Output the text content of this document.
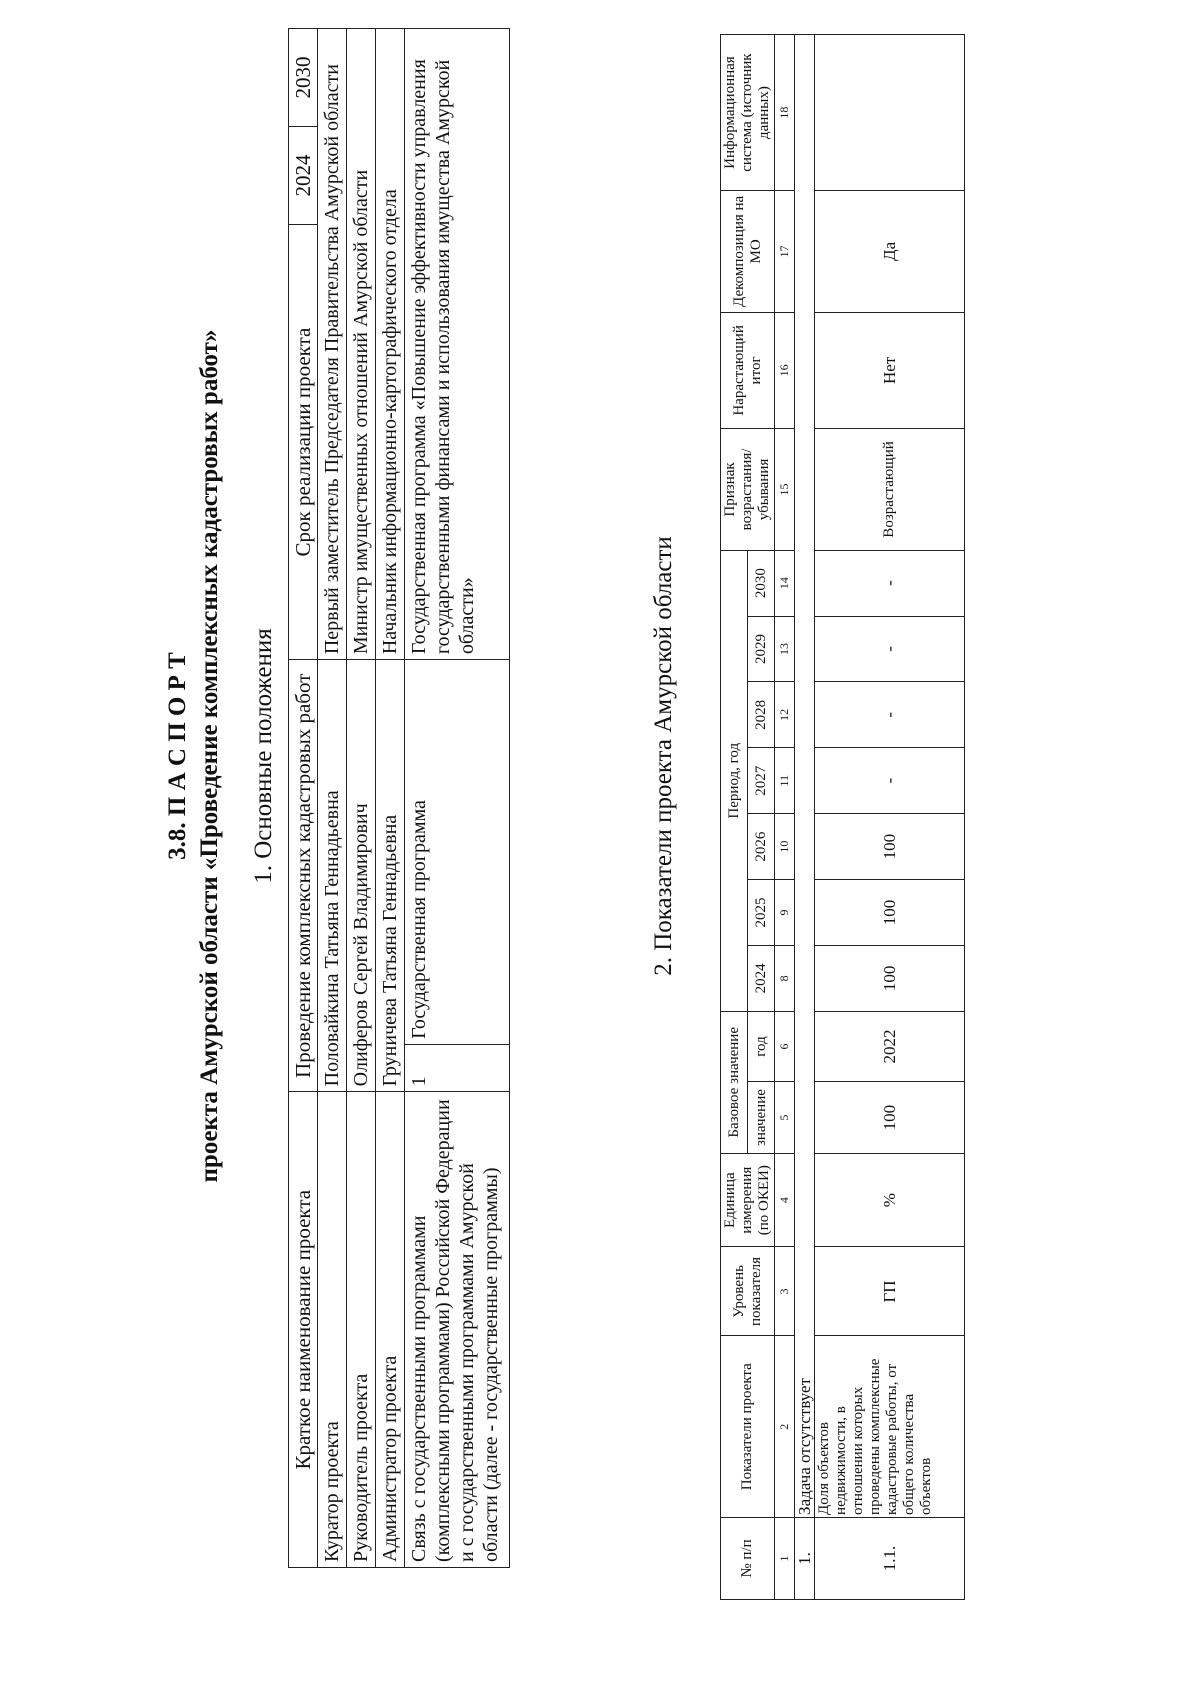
3.8. П А С П О Р Т проекта Амурской области «Проведение комплексных кадастровых работ» 1. Основные положения
Краткое наименование проекта	Проведение комплексных кадастровых работ		Срок реализации проекта	2024	2030
Куратор проекта	Половайкина Татьяна Геннадьевна		Первый заместитель Председателя Правительства Амурской области		
Руководитель проекта	Олиферов Сергей Владимирович		Министр имущественных отношений Амурской области		
Администратор проекта	Груничева Татьяна Геннадьевна		Начальник информационно-картографического отдела		
Связь с государственными программами (комплексными программами) Российской Федерации и с государственными программами Амурской области (далее - государственные программы)	1	Государственная программа	Государственная программа «Повышение эффективности управления государственными финансами и использования имущества Амурской области»			2. Показатели проекта Амурской области
№ п/п	Показатели проекта	Уровень показателя	Единица измерения (по ОКЕИ)	Базовое значение		Период, год							Признак возрастания/ убывания	Нарастающий итог	Декомпозиция на МО	Информационная система (источник данных)
				значение	год	2024	2025	2026	2027	2028	2029	2030				
1	2	3	4	5	6	8	9	10	11	12	13	14	15	16	17	18
1.	Задача отсутствует															
1.1.	Доля объектов недвижимости, в отношении которых проведены комплексные кадастровые работы, от общего количества объектов	ГП	%	100	2022	100	100	100	-	-	-	-	Возрастающий	Нет	Да	
